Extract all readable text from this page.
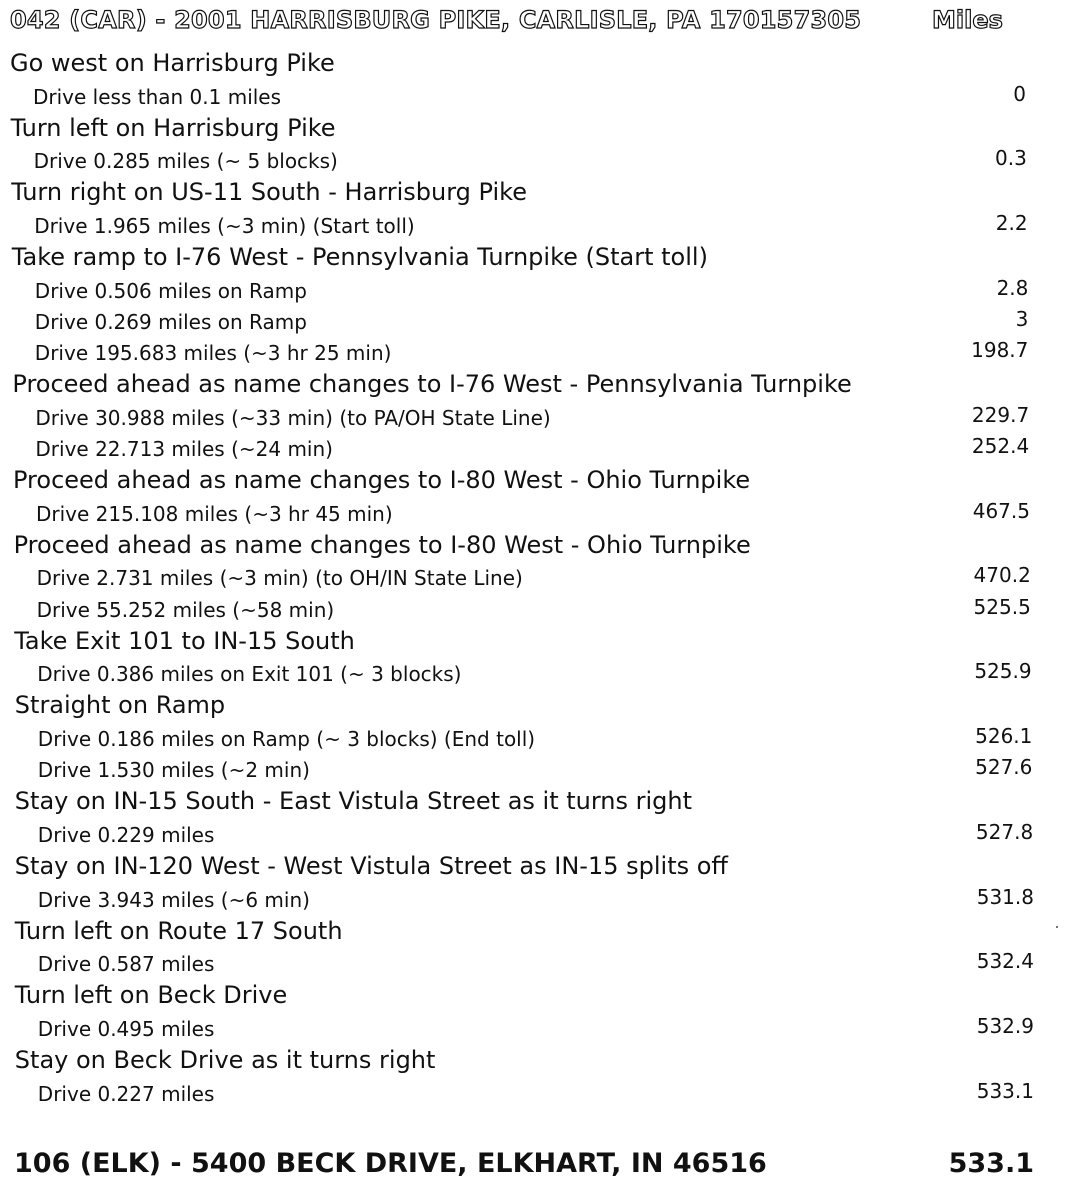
042 (CAR) - 2001 HARRISBURG PIKE, CARLISLE, PA 170157305	Miles
Go west on Harrisburg Pike
Drive less than 0.1 miles	0
Turn left on Harrisburg Pike
Drive 0.285 miles (~ 5 blocks)	0.3
Turn right on US-11 South - Harrisburg Pike
Drive 1.965 miles (~3 min) (Start toll)	2.2
Take ramp to I-76 West - Pennsylvania Turnpike (Start toll)
Drive 0.506 miles on Ramp	2.8
Drive 0.269 miles on Ramp	3
Drive 195.683 miles (~3 hr 25 min)	198.7
Proceed ahead as name changes to I-76 West - Pennsylvania Turnpike
Drive 30.988 miles (~33 min) (to PA/OH State Line)	229.7
Drive 22.713 miles (~24 min)	252.4
Proceed ahead as name changes to I-80 West - Ohio Turnpike
Drive 215.108 miles (~3 hr 45 min)	467.5
Proceed ahead as name changes to I-80 West - Ohio Turnpike
Drive 2.731 miles (~3 min) (to OH/IN State Line)	470.2
Drive 55.252 miles (~58 min)	525.5
Take Exit 101 to IN-15 South
Drive 0.386 miles on Exit 101 (~ 3 blocks)	525.9
Straight on Ramp
Drive 0.186 miles on Ramp (~ 3 blocks) (End toll)	526.1
Drive 1.530 miles (~2 min)	527.6
Stay on IN-15 South - East Vistula Street as it turns right
Drive 0.229 miles	527.8
Stay on IN-120 West - West Vistula Street as IN-15 splits off
Drive 3.943 miles (~6 min)	531.8
Turn left on Route 17 South
Drive 0.587 miles	532.4
Turn left on Beck Drive
Drive 0.495 miles	532.9
Stay on Beck Drive as it turns right
Drive 0.227 miles	533.1
106 (ELK) - 5400 BECK DRIVE, ELKHART, IN 46516	533.1
